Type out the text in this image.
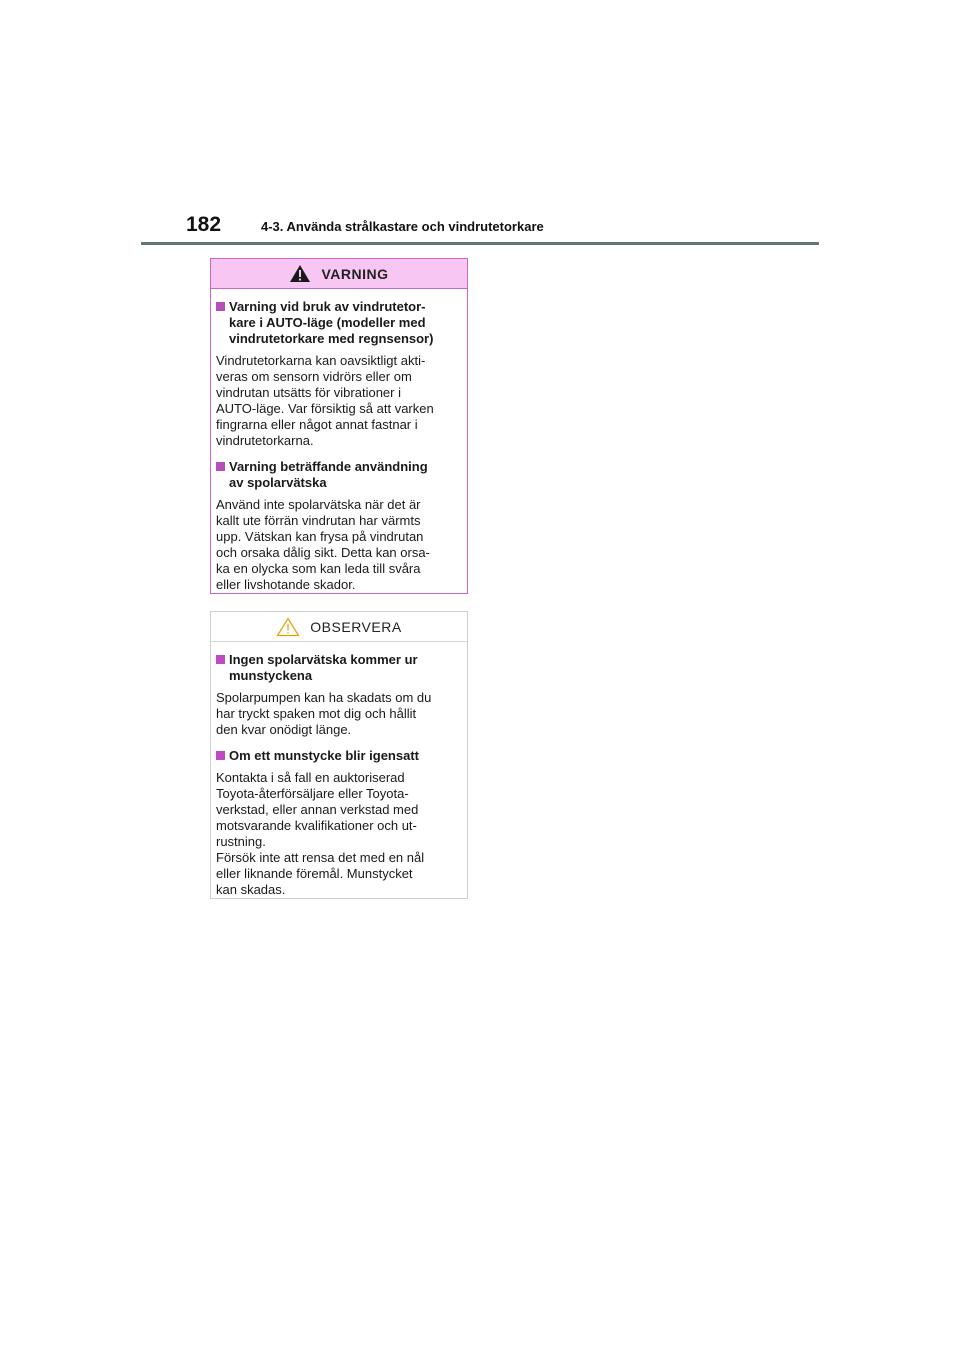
182	4-3. Använda strålkastare och vindrutetorkare
VARNING
Varning vid bruk av vindrutetor-
kare i AUTO-läge (modeller med
vindrutetorkare med regnsensor)
Vindrutetorkarna kan oavsiktligt akti-
veras om sensorn vidrörs eller om
vindrutan utsätts för vibrationer i
AUTO-läge. Var försiktig så att varken
fingrarna eller något annat fastnar i
vindrutetorkarna.
Varning beträffande användning
av spolarvätska
Använd inte spolarvätska när det är
kallt ute förrän vindrutan har värmts
upp. Vätskan kan frysa på vindrutan
och orsaka dålig sikt. Detta kan orsa-
ka en olycka som kan leda till svåra
eller livshotande skador.
OBSERVERA
Ingen spolarvätska kommer ur
munstyckena
Spolarpumpen kan ha skadats om du
har tryckt spaken mot dig och hållit
den kvar onödigt länge.
Om ett munstycke blir igensatt
Kontakta i så fall en auktoriserad
Toyota-återförsäljare eller Toyota-
verkstad, eller annan verkstad med
motsvarande kvalifikationer och ut-
rustning.
Försök inte att rensa det med en nål
eller liknande föremål. Munstycket
kan skadas.
